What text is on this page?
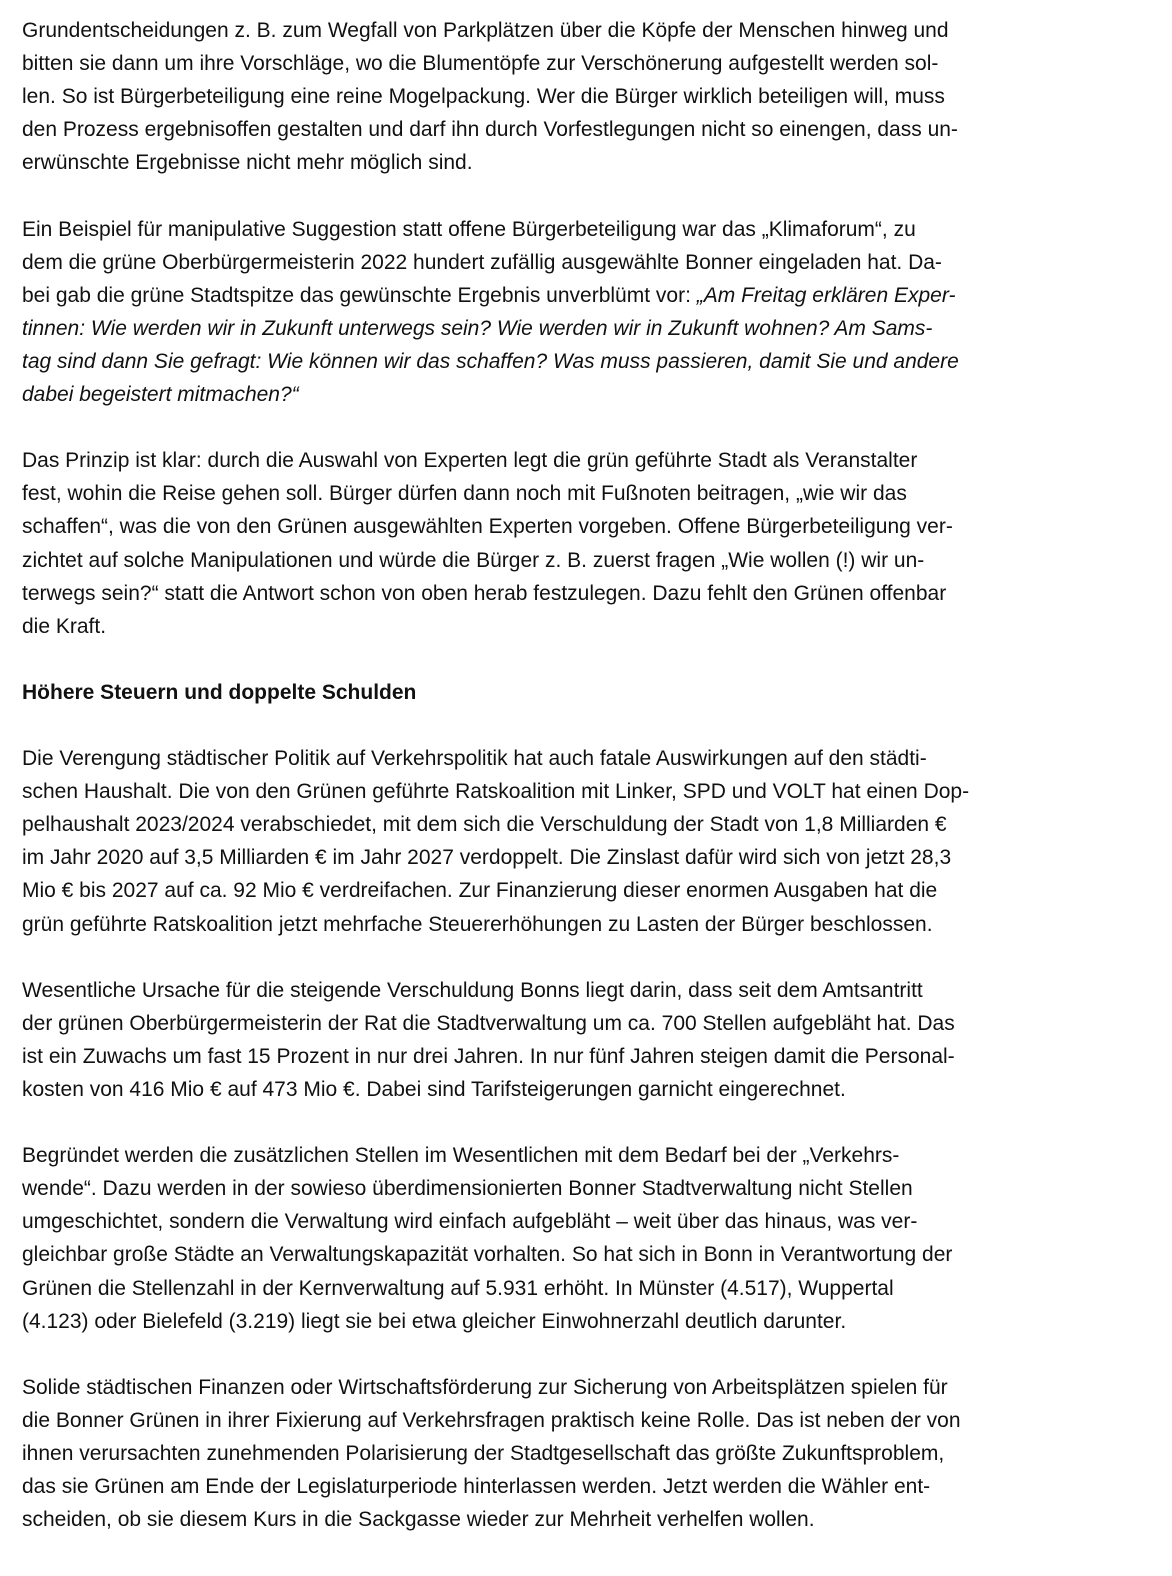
Grundentscheidungen z. B. zum Wegfall von Parkplätzen über die Köpfe der Menschen hinweg und
bitten sie dann um ihre Vorschläge, wo die Blumentöpfe zur Verschönerung aufgestellt werden sol-
len. So ist Bürgerbeteiligung eine reine Mogelpackung. Wer die Bürger wirklich beteiligen will, muss
den Prozess ergebnisoffen gestalten und darf ihn durch Vorfestlegungen nicht so einengen, dass un-
erwünschte Ergebnisse nicht mehr möglich sind.

Ein Beispiel für manipulative Suggestion statt offene Bürgerbeteiligung war das „Klimaforum“, zu
dem die grüne Oberbürgermeisterin 2022 hundert zufällig ausgewählte Bonner eingeladen hat. Da-
bei gab die grüne Stadtspitze das gewünschte Ergebnis unverblümt vor: „Am Freitag erklären Exper-
tinnen: Wie werden wir in Zukunft unterwegs sein? Wie werden wir in Zukunft wohnen? Am Sams-
tag sind dann Sie gefragt: Wie können wir das schaffen? Was muss passieren, damit Sie und andere
dabei begeistert mitmachen?“

Das Prinzip ist klar: durch die Auswahl von Experten legt die grün geführte Stadt als Veranstalter
fest, wohin die Reise gehen soll. Bürger dürfen dann noch mit Fußnoten beitragen, „wie wir das
schaffen“, was die von den Grünen ausgewählten Experten vorgeben. Offene Bürgerbeteiligung ver-
zichtet auf solche Manipulationen und würde die Bürger z. B. zuerst fragen „Wie wollen (!) wir un-
terwegs sein?“ statt die Antwort schon von oben herab festzulegen. Dazu fehlt den Grünen offenbar
die Kraft.

Höhere Steuern und doppelte Schulden

Die Verengung städtischer Politik auf Verkehrspolitik hat auch fatale Auswirkungen auf den städti-
schen Haushalt. Die von den Grünen geführte Ratskoalition mit Linker, SPD und VOLT hat einen Dop-
pelhaushalt 2023/2024 verabschiedet, mit dem sich die Verschuldung der Stadt von 1,8 Milliarden €
im Jahr 2020 auf 3,5 Milliarden € im Jahr 2027 verdoppelt. Die Zinslast dafür wird sich von jetzt 28,3
Mio € bis 2027 auf ca. 92 Mio € verdreifachen. Zur Finanzierung dieser enormen Ausgaben hat die
grün geführte Ratskoalition jetzt mehrfache Steuererhöhungen zu Lasten der Bürger beschlossen.

Wesentliche Ursache für die steigende Verschuldung Bonns liegt darin, dass seit dem Amtsantritt
der grünen Oberbürgermeisterin der Rat die Stadtverwaltung um ca. 700 Stellen aufgebläht hat. Das
ist ein Zuwachs um fast 15 Prozent in nur drei Jahren. In nur fünf Jahren steigen damit die Personal-
kosten von 416 Mio € auf 473 Mio €. Dabei sind Tarifsteigerungen garnicht eingerechnet.

Begründet werden die zusätzlichen Stellen im Wesentlichen mit dem Bedarf bei der „Verkehrs-
wende“. Dazu werden in der sowieso überdimensionierten Bonner Stadtverwaltung nicht Stellen
umgeschichtet, sondern die Verwaltung wird einfach aufgebläht – weit über das hinaus, was ver-
gleichbar große Städte an Verwaltungskapazität vorhalten. So hat sich in Bonn in Verantwortung der
Grünen die Stellenzahl in der Kernverwaltung auf 5.931 erhöht. In Münster (4.517), Wuppertal
(4.123) oder Bielefeld (3.219) liegt sie bei etwa gleicher Einwohnerzahl deutlich darunter.

Solide städtischen Finanzen oder Wirtschaftsförderung zur Sicherung von Arbeitsplätzen spielen für
die Bonner Grünen in ihrer Fixierung auf Verkehrsfragen praktisch keine Rolle. Das ist neben der von
ihnen verursachten zunehmenden Polarisierung der Stadtgesellschaft das größte Zukunftsproblem,
das sie Grünen am Ende der Legislaturperiode hinterlassen werden. Jetzt werden die Wähler ent-
scheiden, ob sie diesem Kurs in die Sackgasse wieder zur Mehrheit verhelfen wollen.
